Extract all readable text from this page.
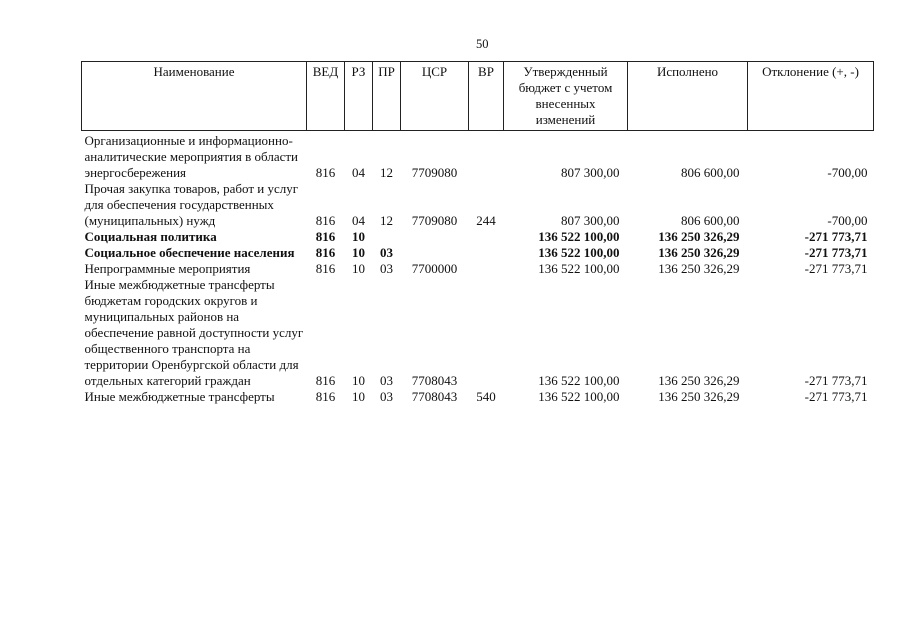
50
Наименование	ВЕД	РЗ	ПР	ЦСР	ВР	Утвержденный бюджет с учетом внесенных изменений	Исполнено	Отклонение (+, -)
Организационные и информационно-аналитические мероприятия в области энергосбережения	816	04	12	7709080		807 300,00	806 600,00	-700,00
Прочая закупка товаров, работ и услуг для обеспечения государственных (муниципальных) нужд	816	04	12	7709080	244	807 300,00	806 600,00	-700,00
Социальная политика	816	10				136 522 100,00	136 250 326,29	-271 773,71
Социальное обеспечение населения	816	10	03			136 522 100,00	136 250 326,29	-271 773,71
Непрограммные мероприятия	816	10	03	7700000		136 522 100,00	136 250 326,29	-271 773,71
Иные межбюджетные трансферты бюджетам городских округов и муниципальных районов на обеспечение равной доступности услуг общественного транспорта на территории Оренбургской области для отдельных категорий граждан	816	10	03	7708043		136 522 100,00	136 250 326,29	-271 773,71
Иные межбюджетные трансферты	816	10	03	7708043	540	136 522 100,00	136 250 326,29	-271 773,71
